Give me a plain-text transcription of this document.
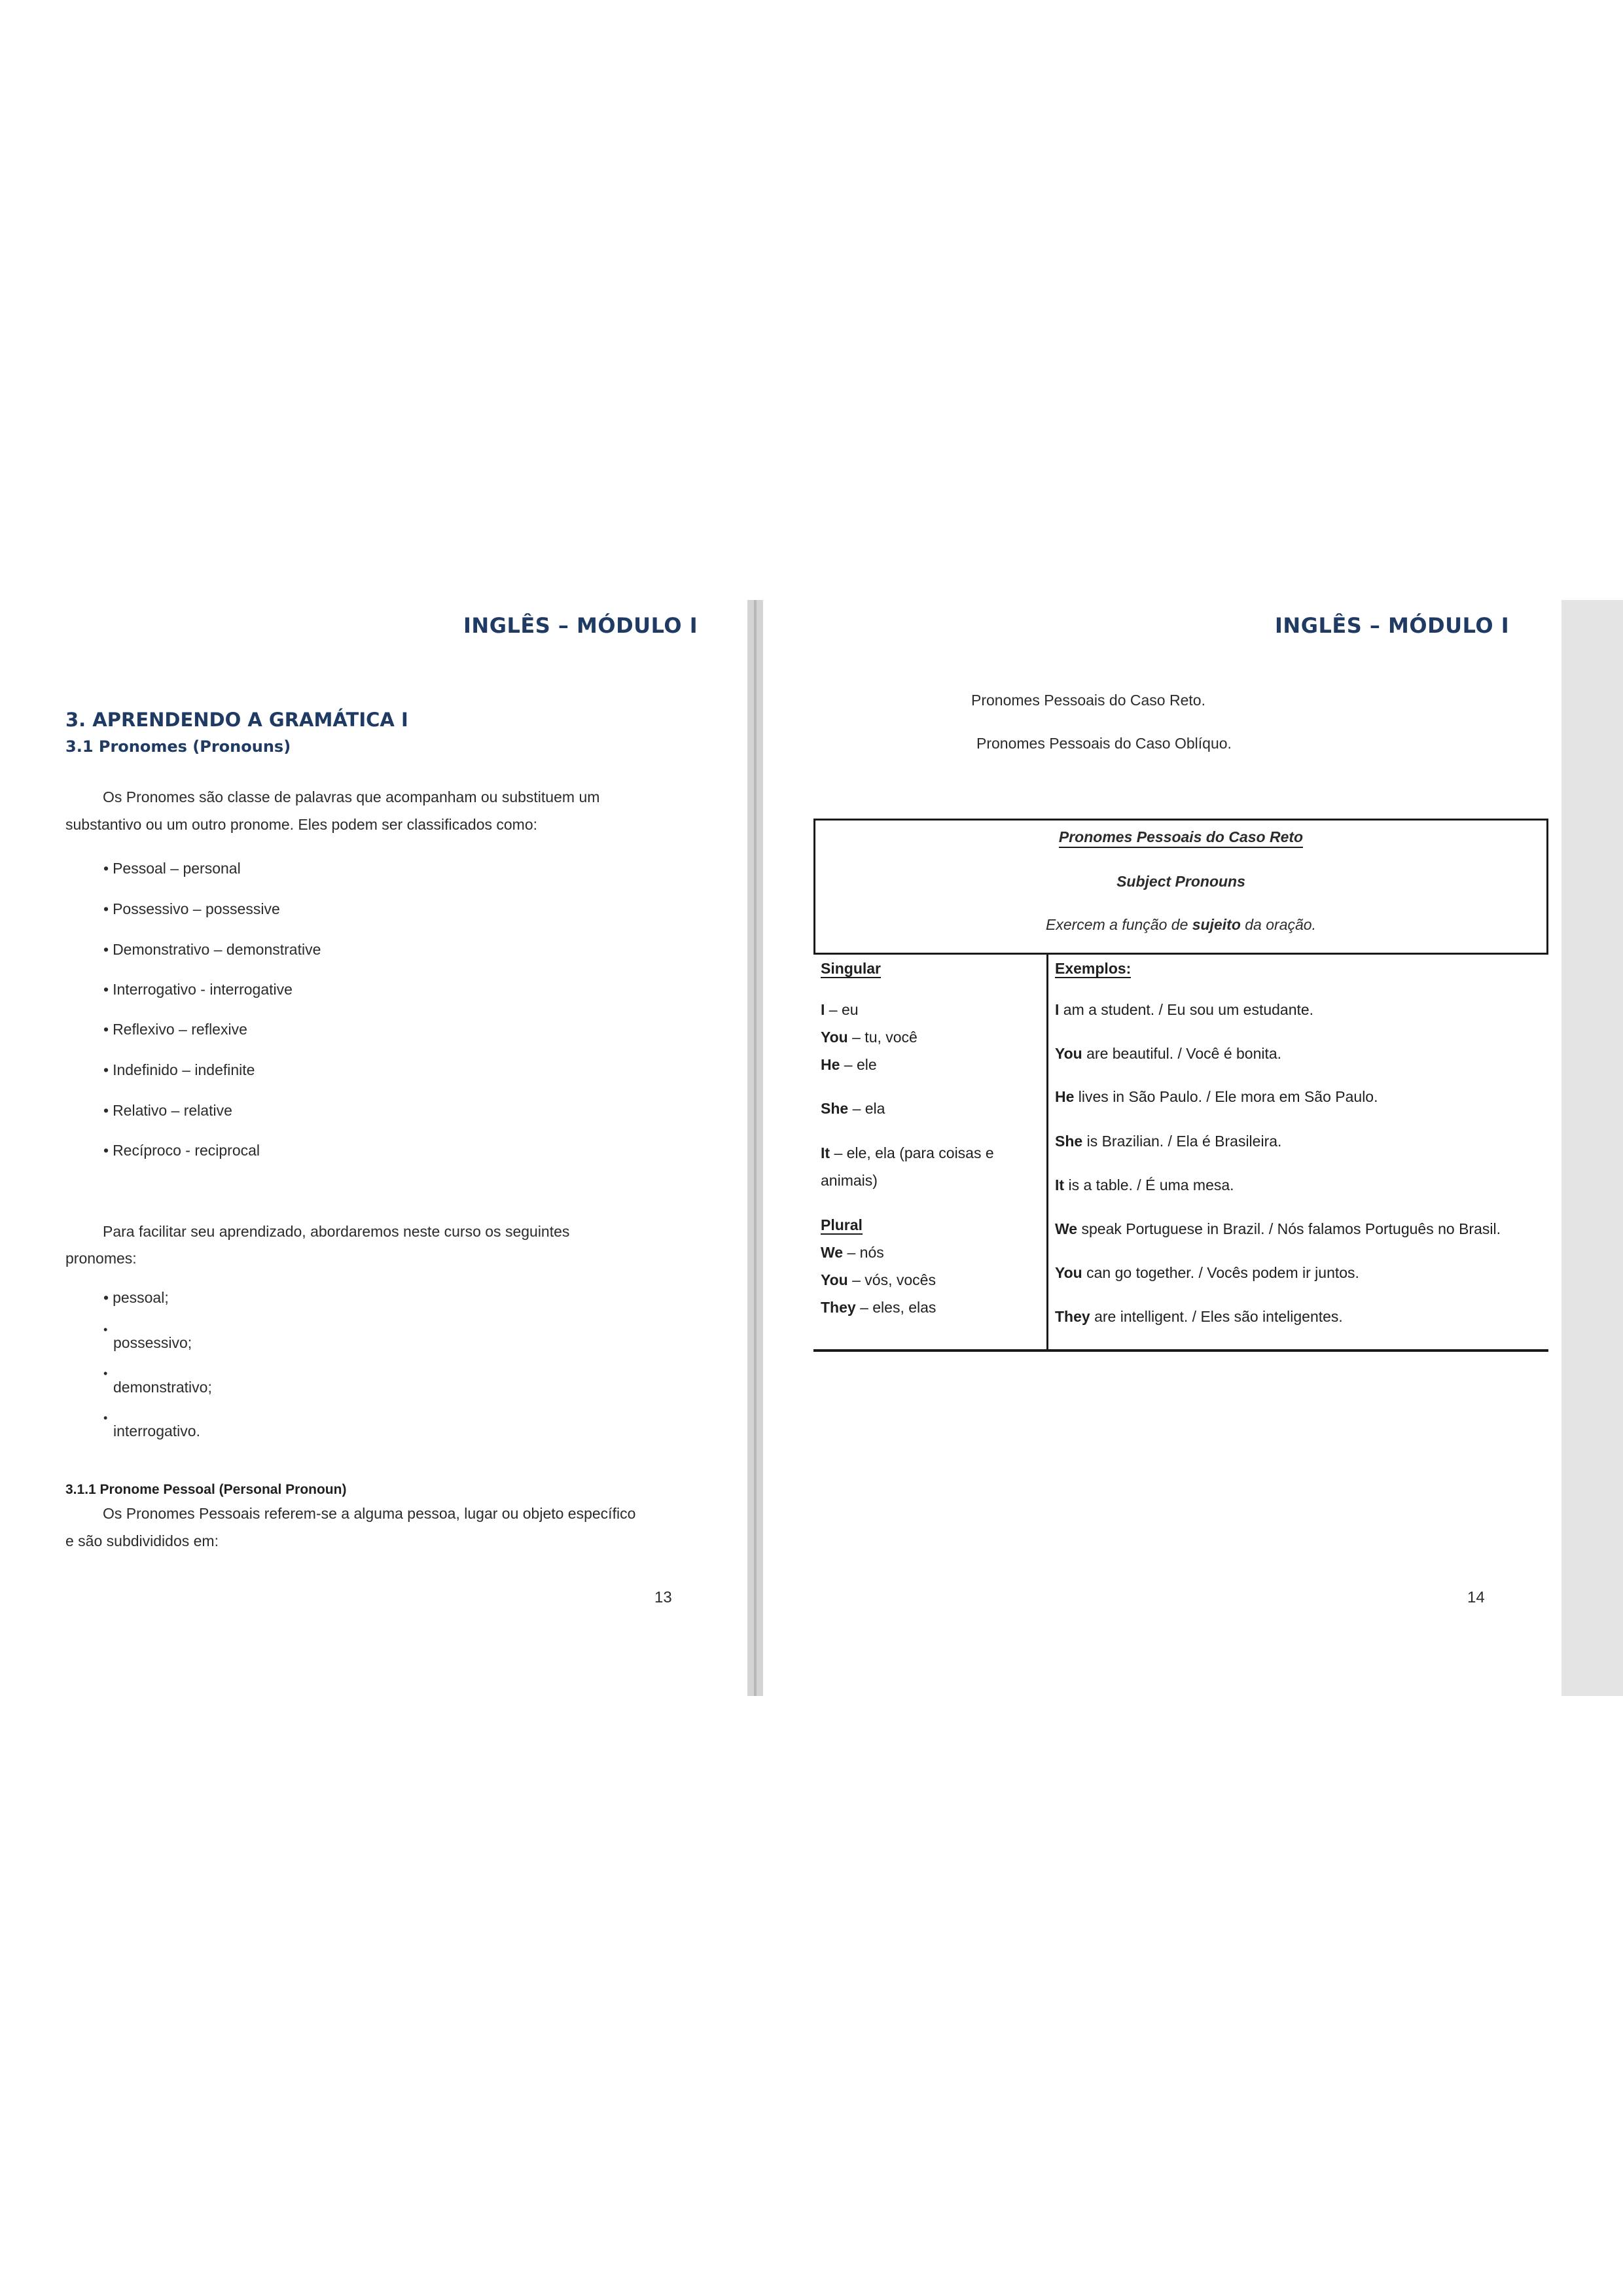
INGLÊS – MÓDULO I
3. APRENDENDO A GRAMÁTICA I
3.1 Pronomes (Pronouns)
Os Pronomes são classe de palavras que acompanham ou substituem um
substantivo ou um outro pronome. Eles podem ser classificados como:
• Pessoal – personal
• Possessivo – possessive
• Demonstrativo – demonstrative
• Interrogativo - interrogative
• Reflexivo – reflexive
• Indefinido – indefinite
• Relativo – relative
• Recíproco - reciprocal
Para facilitar seu aprendizado, abordaremos neste curso os seguintes
pronomes:
• pessoal;
•
possessivo;
•
demonstrativo;
•
interrogativo.
3.1.1 Pronome Pessoal (Personal Pronoun)
Os Pronomes Pessoais referem-se a alguma pessoa, lugar ou objeto específico
e são subdivididos em:
13
INGLÊS – MÓDULO I
Pronomes Pessoais do Caso Reto.
Pronomes Pessoais do Caso Oblíquo.
Pronomes Pessoais do Caso Reto
Subject Pronouns
Exercem a função de sujeito da oração.
Singular
I – eu
You – tu, você
He – ele
She – ela
It – ele, ela (para coisas e
animais)
Plural
We – nós
You – vós, vocês
They – eles, elas
Exemplos:
I am a student. / Eu sou um estudante.
You are beautiful. / Você é bonita.
He lives in São Paulo. / Ele mora em São Paulo.
She is Brazilian. / Ela é Brasileira.
It is a table. / É uma mesa.
We speak Portuguese in Brazil. / Nós falamos Português no Brasil.
You can go together. / Vocês podem ir juntos.
They are intelligent. / Eles são inteligentes.
14
